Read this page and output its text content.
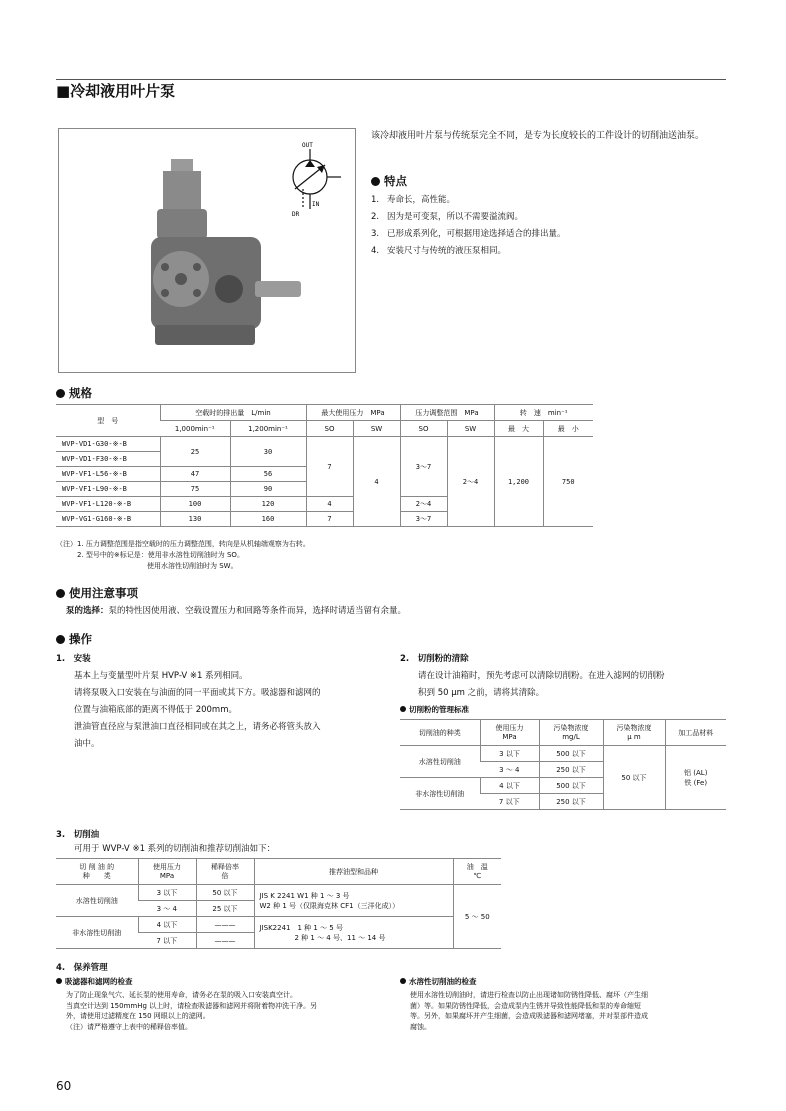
■冷却液用叶片泵
OUT
IN
DR
该冷却液用叶片泵与传统泵完全不同，是专为长度较长的工件设计的切削油送油泵。
特点
1. 寿命长，高性能。
2. 因为是可变泵，所以不需要溢流阀。
3. 已形成系列化，可根据用途选择适合的排出量。
4. 安装尺寸与传统的液压泵相同。
规格
型　号	空载时的排出量　L/min		最大使用压力　MPa		压力调整范围　MPa		转　速　min⁻¹	
	1,000min⁻¹	1,200min⁻¹	SO	SW	SO	SW	最　大	最　小
WVP-VD1-G30-※-B	25	30	7	4	3～7	2～4	1,200	750
WVP-VD1-F30-※-B								
WVP-VF1-L56-※-B	47	56						
WVP-VF1-L90-※-B	75	90						
WVP-VF1-L120-※-B	100	120	4		2～4			
WVP-VG1-G160-※-B	130	160	7		3～7			
（注）1. 压力调整范围是指空载时的压力调整范围，转向是从机轴端观察为右转。
　　　2. 型号中的※标记是：使用非水溶性切削油时为 SO。
　　　　　　　　　　　　　使用水溶性切削油时为 SW。
使用注意事项
泵的选择：泵的特性因使用液、空载设置压力和回路等条件而异，选择时请适当留有余量。
操作
1.　安装
基本上与变量型叶片泵 HVP-V ※1 系列相同。
请将泵吸入口安装在与油面的同一平面或其下方。吸滤器和滤网的
位置与油箱底部的距离不得低于 200mm。
泄油管直径应与泵泄油口直径相同或在其之上，请务必将管头放入
油中。
2.　切削粉的清除
请在设计油箱时，预先考虑可以清除切削粉。在进入滤网的切削粉
积到 50 μm 之前，请将其清除。
切削粉的管理标准
切削油的种类	使用压力
MPa	污染物浓度
mg/L	污染物浓度
μ m	加工品材料
水溶性切削油	3 以下	500 以下	50 以下	铝 (AL)
铁 (Fe)
	3 ～ 4	250 以下		
非水溶性切削油	4 以下	500 以下		
	7 以下	250 以下		
3.　切削油
可用于 WVP-V ※1 系列的切削油和推荐切削油如下：
切 削 油 的
种　　类	使用压力
MPa	稀释倍率
倍	推荐油型和品种	油　温
℃
水溶性切削油	3 以下	50 以下	JIS K 2241 W1 种 1 ～ 3 号
W2 种 1 号（仅限海克林 CF1（三洋化成））	5 ～ 50
	3 ～ 4	25 以下		
非水溶性切削油	4 以下	———	JISK2241　1 种 1 ～ 5 号
　　　　　2 种 1 ～ 4 号、11 ～ 14 号	
	7 以下	———		
4.　保养管理
吸滤器和滤网的检查
为了防止现象气穴、延长泵的使用寿命，请务必在泵的吸入口安装真空计。
当真空计达到 150mmHg 以上时，请检查吸滤器和滤网并将附着物冲洗干净。另
外，请使用过滤精度在 150 网眼以上的滤网。
（注）请严格遵守上表中的稀释倍率值。
水溶性切削油的检查
使用水溶性切削油时，请进行检查以防止出现诸如防锈性降低、腐坏（产生细
菌）等。如果防锈性降低，会造成泵内生锈并导致性能降低和泵的寿命缩短
等。另外，如果腐坏并产生细菌，会造成吸滤器和滤网堵塞，并对泵部件造成
腐蚀。
60
